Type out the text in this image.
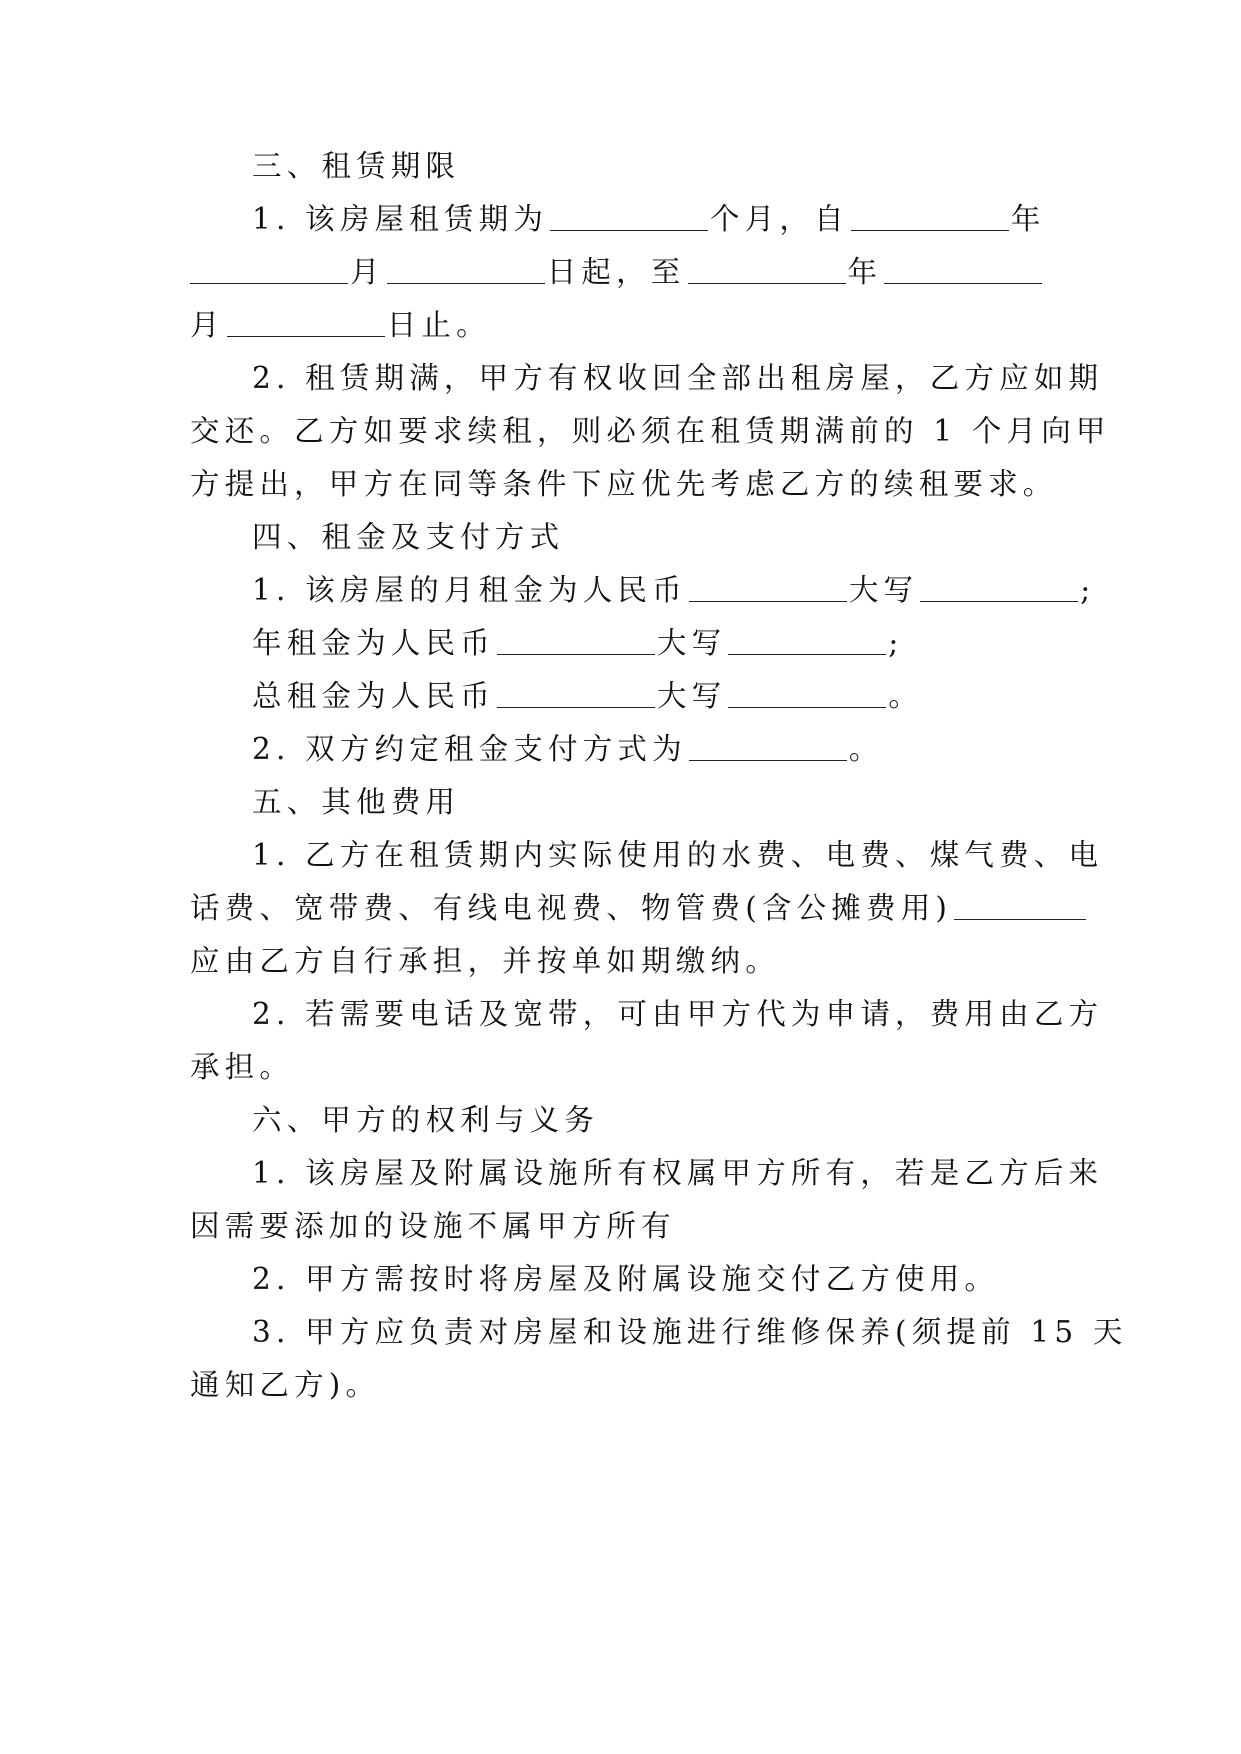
三、租赁期限
1. 该房屋租赁期为	个月，自	年
月	日起，至	年
月	日止。
2. 租赁期满，甲方有权收回全部出租房屋，乙方应如期
交还。乙方如要求续租，则必须在租赁期满前的 1 个月向甲
方提出，甲方在同等条件下应优先考虑乙方的续租要求。
四、租金及支付方式
1. 该房屋的月租金为人民币	大写	;
年租金为人民币	大写	;
总租金为人民币	大写	。
2. 双方约定租金支付方式为	。
五、其他费用
1. 乙方在租赁期内实际使用的水费、电费、煤气费、电
话费、宽带费、有线电视费、物管费(含公摊费用)
应由乙方自行承担，并按单如期缴纳。
2. 若需要电话及宽带，可由甲方代为申请，费用由乙方
承担。
六、甲方的权利与义务
1. 该房屋及附属设施所有权属甲方所有，若是乙方后来
因需要添加的设施不属甲方所有
2. 甲方需按时将房屋及附属设施交付乙方使用。
3. 甲方应负责对房屋和设施进行维修保养(须提前 15 天
通知乙方)。
